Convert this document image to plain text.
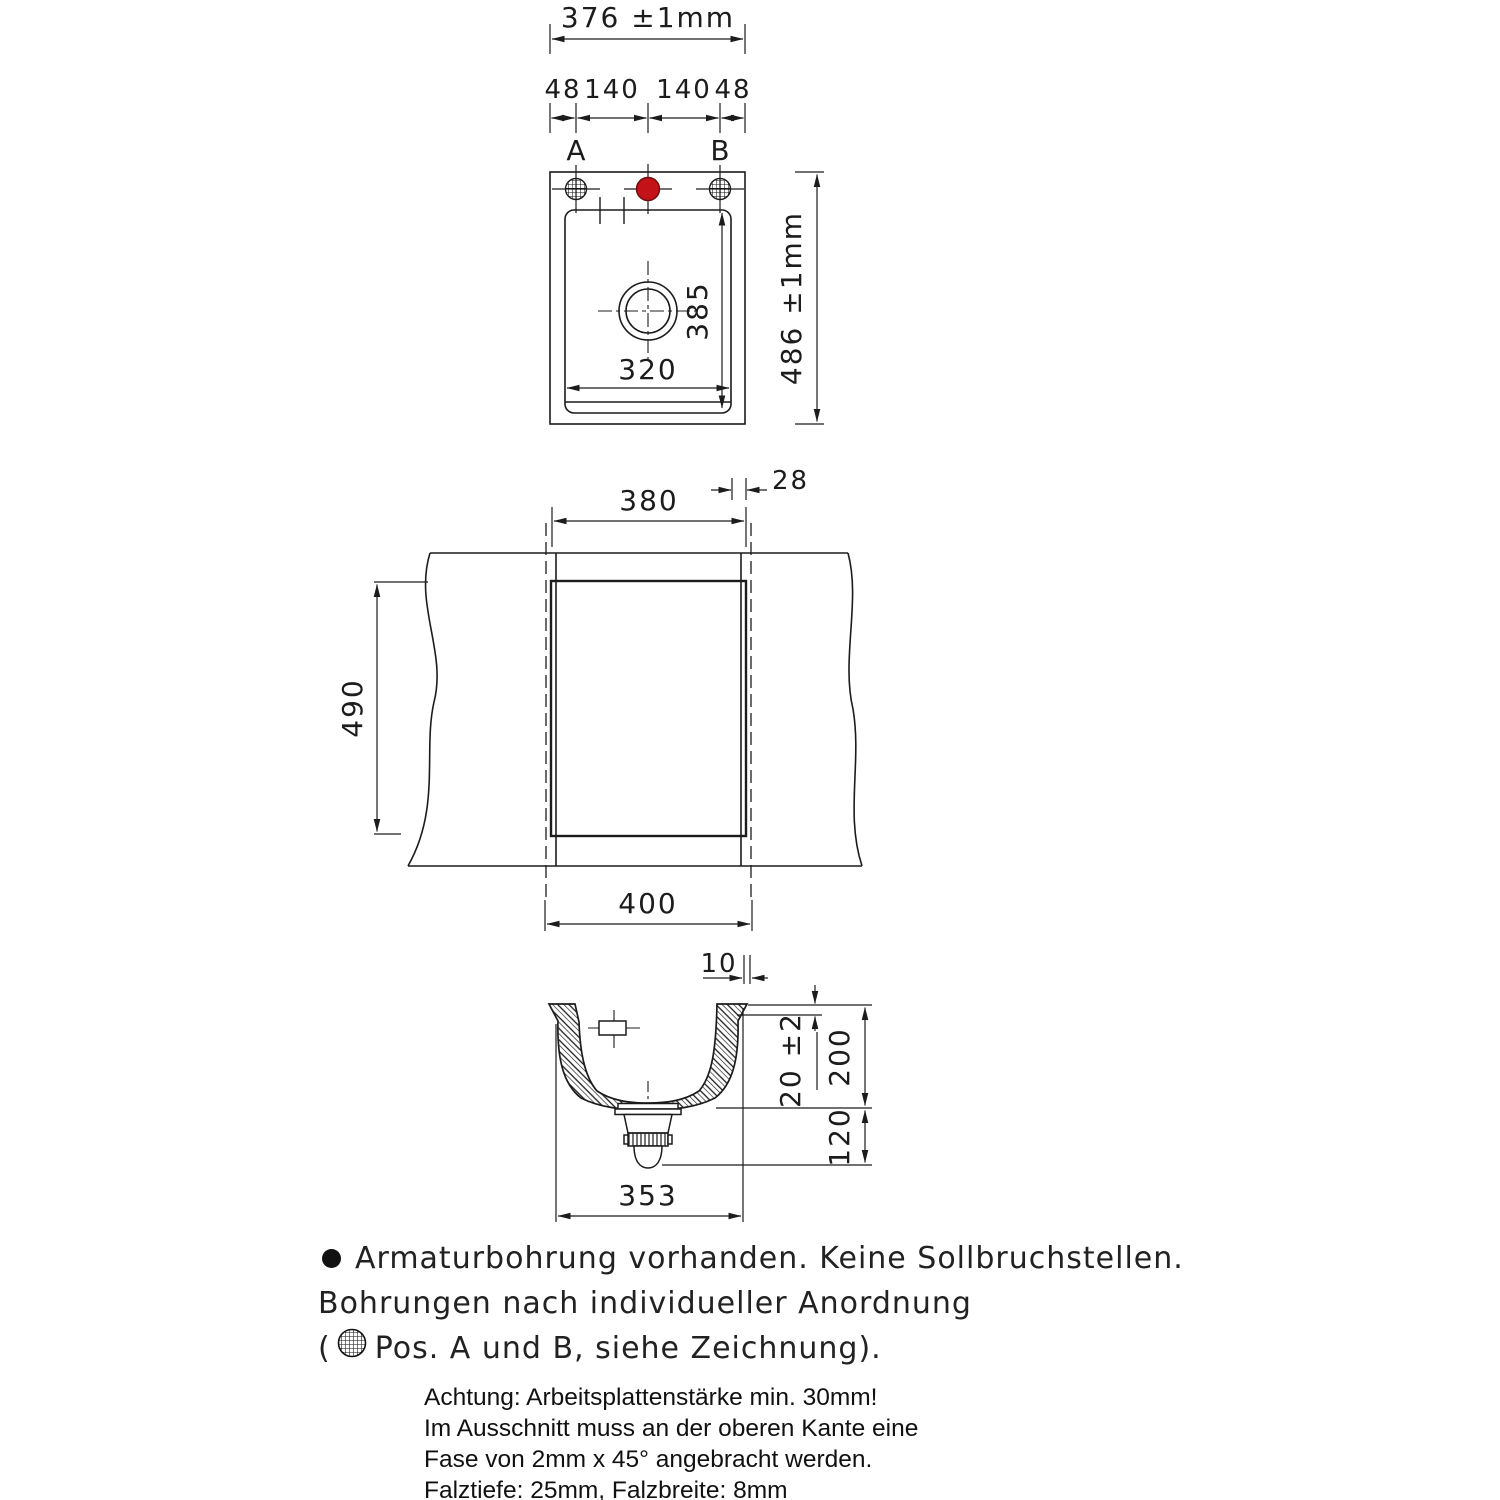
376 ±1mm
48 140 140 48
A	B
320
385 486 ±1mm
380
28
490
400
10
20 ±2 200
120
353
Armaturbohrung vorhanden. Keine Sollbruchstellen.
Bohrungen nach individueller Anordnung
( Pos. A und B, siehe Zeichnung).
Achtung: Arbeitsplattenstärke min. 30mm!
Im Ausschnitt muss an der oberen Kante eine
Fase von 2mm x 45° angebracht werden.
Falztiefe: 25mm, Falzbreite: 8mm
